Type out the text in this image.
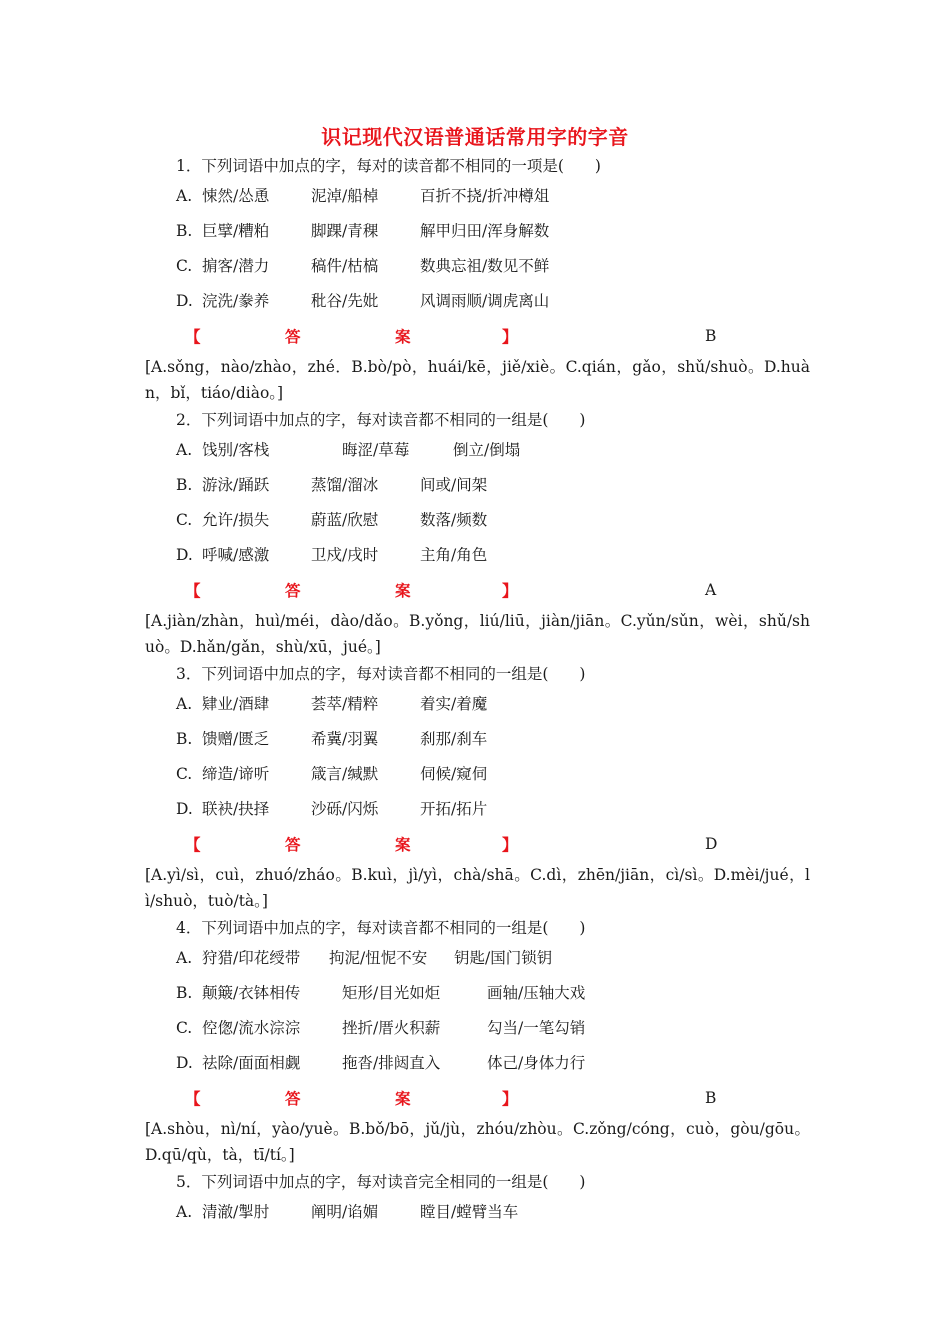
识记现代汉语普通话常用字的字音
1．下列词语中加点的字，每对的读音都不相同的一项是(　　)
A. 悚然/怂恿	泥淖/船棹	百折不挠/折冲樽俎
B. 巨擘/糟粕	脚踝/青稞	解甲归田/浑身解数
C. 掮客/潜力	稿件/枯槁	数典忘祖/数见不鲜
D. 浣洗/豢养	秕谷/先妣	风调雨顺/调虎离山
【	答	案	】	B
[A.sǒng，nào/zhào，zhé．B.bò/pò，huái/kē，jiě/xiè。C.qián，gǎo，shǔ/shuò。D.huàn，bǐ，tiáo/diào。]
2．下列词语中加点的字，每对读音都不相同的一组是(　　)
A. 饯别/客栈	晦涩/草莓	倒立/倒塌
B. 游泳/踊跃	蒸馏/溜冰	间或/间架
C. 允许/损失	蔚蓝/欣慰	数落/频数
D. 呼喊/感激	卫戍/戌时	主角/角色
【	答	案	】	A
[A.jiàn/zhàn，huì/méi，dào/dǎo。B.yǒng，liú/liū，jiàn/jiān。C.yǔn/sǔn，wèi，shǔ/shuò。D.hǎn/gǎn，shù/xū，jué。]
3．下列词语中加点的字，每对读音都不相同的一组是(　　)
A. 肄业/酒肆	荟萃/精粹	着实/着魔
B. 馈赠/匮乏	希冀/羽翼	刹那/刹车
C. 缔造/谛听	箴言/缄默	伺候/窥伺
D. 联袂/抉择	沙砾/闪烁	开拓/拓片
【	答	案	】	D
[A.yì/sì，cuì，zhuó/zháo。B.kuì，jì/yì，chà/shā。C.dì，zhēn/jiān，cì/sì。D.mèi/jué，lì/shuò，tuò/tà。]
4．下列词语中加点的字，每对读音都不相同的一组是(　　)
A. 狩猎/印花绶带 拘泥/忸怩不安 钥匙/国门锁钥
B. 颠簸/衣钵相传	矩形/目光如炬	画轴/压轴大戏
C. 倥偬/流水淙淙	挫折/厝火积薪	勾当/一笔勾销
D. 祛除/面面相觑	拖沓/排闼直入	体己/身体力行
【	答	案	】	B
[A.shòu，nì/ní，yào/yuè。B.bǒ/bō，jǔ/jù，zhóu/zhòu。C.zǒng/cóng，cuò，gòu/gōu。D.qū/qù，tà，tī/tí。]
5．下列词语中加点的字，每对读音完全相同的一组是(　　)
A. 清澈/掣肘	阐明/谄媚	瞠目/螳臂当车
